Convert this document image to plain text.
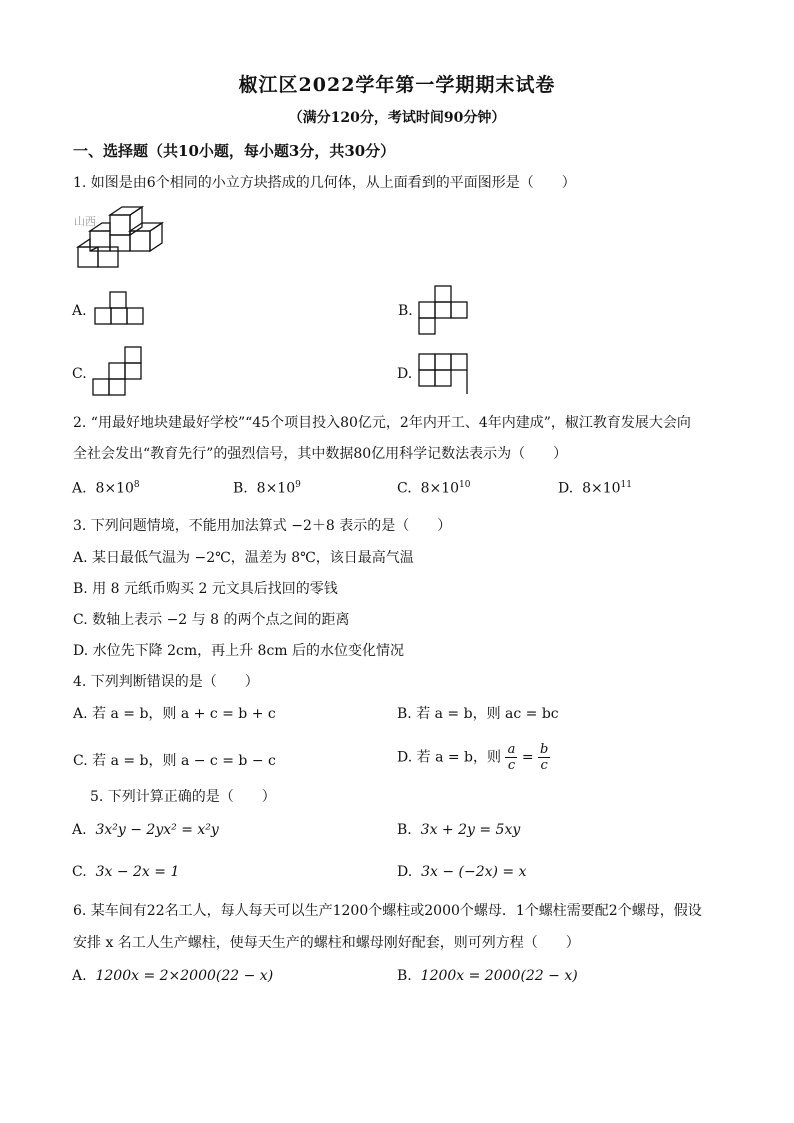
椒江区2022学年第一学期期末试卷
（满分120分，考试时间90分钟）
一、选择题（共10小题，每小题3分，共30分）
1. 如图是由6个相同的小立方块搭成的几何体，从上面看到的平面图形是（　　）
山西
A.	B.
C.	D.
2. “用最好地块建最好学校”“45个项目投入80亿元，2年内开工、4年内建成”，椒江教育发展大会向
全社会发出“教育先行”的强烈信号，其中数据80亿用科学记数法表示为（　　）
A. $8\times 10^8$	B. $8\times 10^9$	C. $8\times 10^{10}$	D. $8\times 10^{11}$
3. 下列问题情境，不能用加法算式 −2＋8 表示的是（　　）
A. 某日最低气温为 −2℃，温差为 8℃，该日最高气温
B. 用 8 元纸币购买 2 元文具后找回的零钱
C. 数轴上表示 −2 与 8 的两个点之间的距离
D. 水位先下降 2cm，再上升 8cm 后的水位变化情况
4. 下列判断错误的是（　　）
A. 若 a = b，则 a + c = b + c	B. 若 a = b，则 ac = bc
C. 若 a = b，则 a − c = b − c	D. 若 a = b，则 $\frac{a}{c} = \frac{b}{c}$
5. 下列计算正确的是（　　）
A. 3x²y − 2yx² = x²y	B. 3x + 2y = 5xy
C. 3x − 2x = 1	D. 3x − (−2x) = x
6. 某车间有22名工人，每人每天可以生产1200个螺柱或2000个螺母．1个螺柱需要配2个螺母，假设
安排 x 名工人生产螺柱，使每天生产的螺柱和螺母刚好配套，则可列方程（　　）
A. 1200x = 2×2000(22 − x)	B. 1200x = 2000(22 − x)
